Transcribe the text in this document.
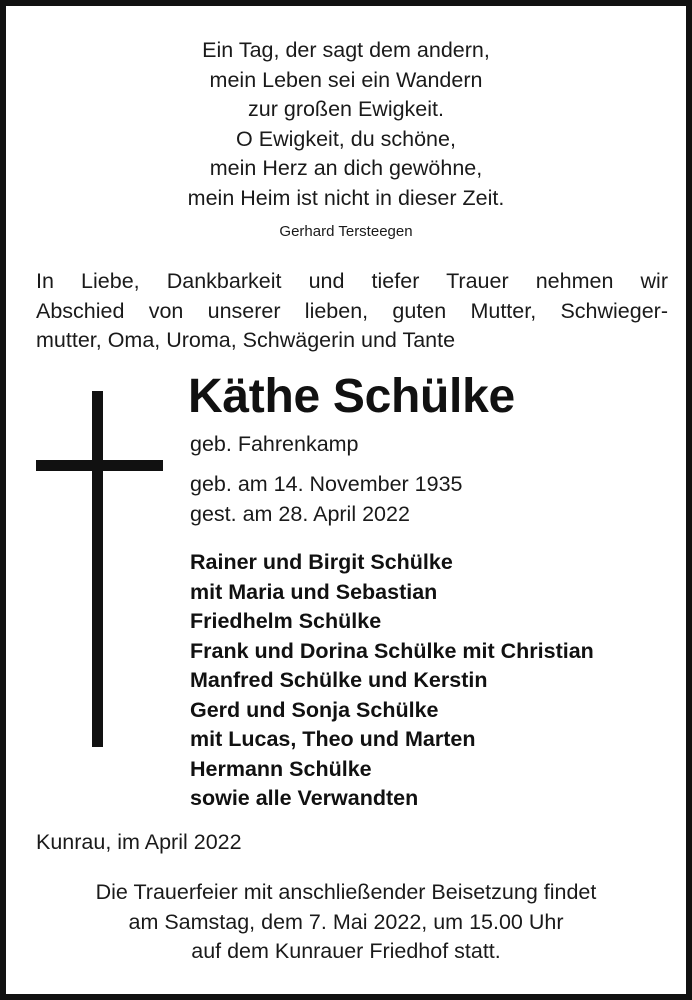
Ein Tag, der sagt dem andern,
mein Leben sei ein Wandern
zur großen Ewigkeit.
O Ewigkeit, du schöne,
mein Herz an dich gewöhne,
mein Heim ist nicht in dieser Zeit.
Gerhard Tersteegen
In Liebe, Dankbarkeit und tiefer Trauer nehmen wir
Abschied von unserer lieben, guten Mutter, Schwieger-
mutter, Oma, Uroma, Schwägerin und Tante
Käthe Schülke
geb. Fahrenkamp
geb. am 14. November 1935
gest. am 28. April 2022
Rainer und Birgit Schülke
mit Maria und Sebastian
Friedhelm Schülke
Frank und Dorina Schülke mit Christian
Manfred Schülke und Kerstin
Gerd und Sonja Schülke
mit Lucas, Theo und Marten
Hermann Schülke
sowie alle Verwandten
Kunrau, im April 2022
Die Trauerfeier mit anschließender Beisetzung findet
am Samstag, dem 7. Mai 2022, um 15.00 Uhr
auf dem Kunrauer Friedhof statt.
